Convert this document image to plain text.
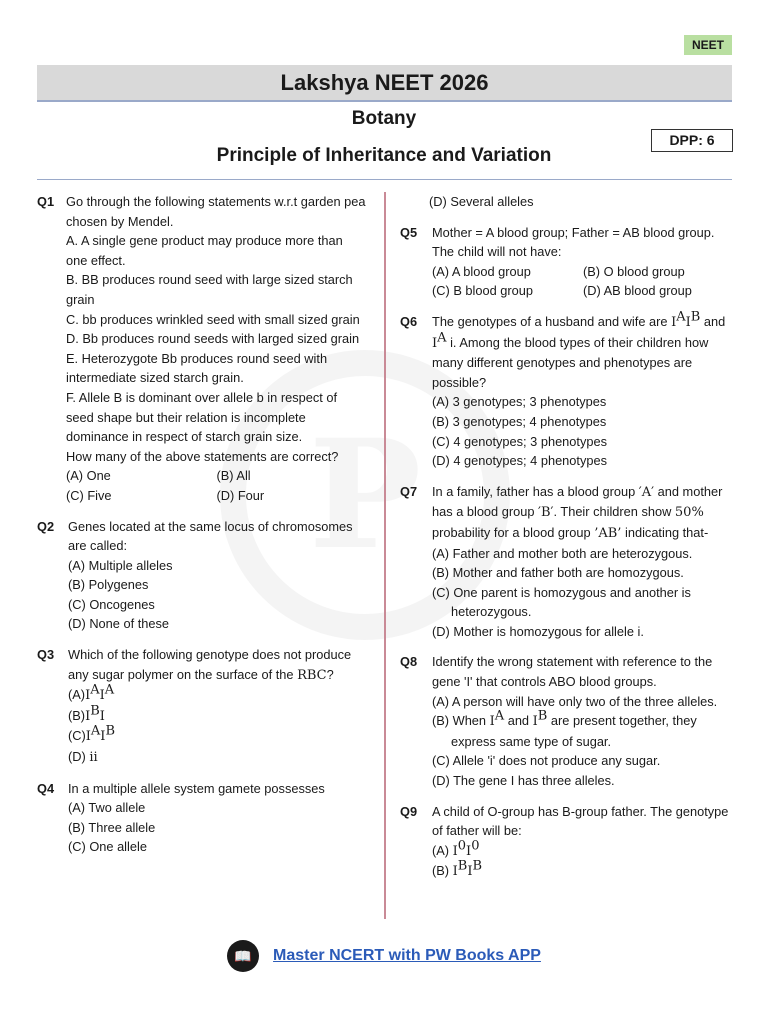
NEET
Lakshya NEET 2026
Botany
Principle of Inheritance and Variation
DPP: 6
Q1 Go through the following statements w.r.t garden pea chosen by Mendel.
A. A single gene product may produce more than one effect.
B. BB produces round seed with large sized starch grain
C. bb produces wrinkled seed with small sized grain
D. Bb produces round seeds with larged sized grain
E. Heterozygote Bb produces round seed with intermediate sized starch grain.
F. Allele B is dominant over allele b in respect of seed shape but their relation is incomplete dominance in respect of starch grain size.
How many of the above statements are correct?
(A) One	(B) All
(C) Five	(D) Four
Q2 Genes located at the same locus of chromosomes are called:
(A) Multiple alleles
(B) Polygenes
(C) Oncogenes
(D) None of these
Q3 Which of the following genotype does not produce any sugar polymer on the surface of the RBC?
$(A)I^AI^A$
$(B)I^BI$
$(C)I^AI^B$
(D) ii
Q4 In a multiple allele system gamete possesses
(A) Two allele
(B) Three allele
(C) One allele
(D) Several alleles
Q5 Mother = A blood group; Father = AB blood group. The child will not have:
(A) A blood group	(B) O blood group
(C) B blood group	(D) AB blood group
Q6 The genotypes of a husband and wife are $I^AI^B$ and $I^A$ i. Among the blood types of their children how many different genotypes and phenotypes are possible?
(A) 3 genotypes; 3 phenotypes
(B) 3 genotypes; 4 phenotypes
(C) 4 genotypes; 3 phenotypes
(D) 4 genotypes; 4 phenotypes
Q7 In a family, father has a blood group ′A′ and mother has a blood group ′B′. Their children show 50% probability for a blood group ’AB’ indicating that-
(A) Father and mother both are heterozygous.
(B) Mother and father both are homozygous.
(C) One parent is homozygous and another is heterozygous.
(D) Mother is homozygous for allele i.
Q8 Identify the wrong statement with reference to the gene 'I' that controls ABO blood groups.
(A) A person will have only two of the three alleles.
(B) When $I^A$ and $I^B$ are present together, they express same type of sugar.
(C) Allele 'i' does not produce any sugar.
(D) The gene I has three alleles.
Q9 A child of O-group has B-group father. The genotype of father will be:
(A) $I^0I^0$
(B) $I^BI^B$
📖	Master NCERT with PW Books APP
